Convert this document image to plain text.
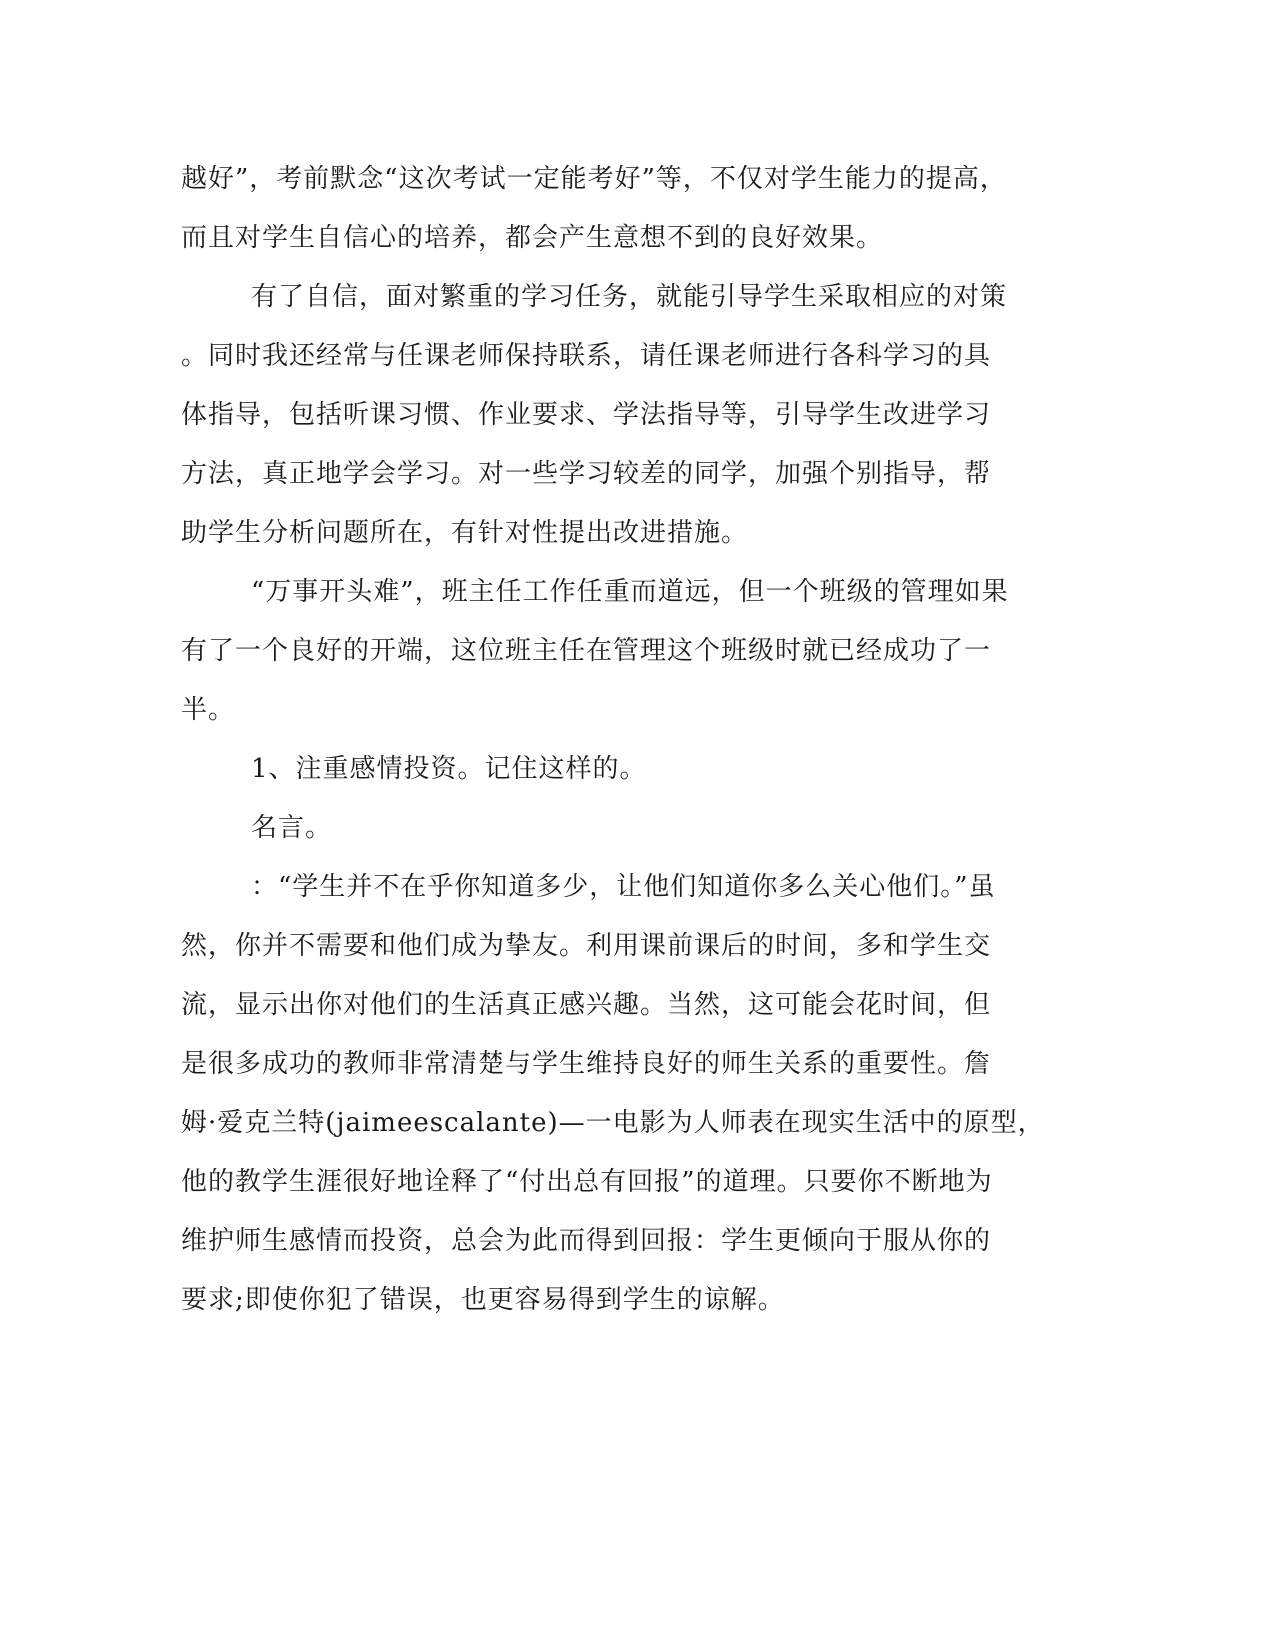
越好”，考前默念“这次考试一定能考好”等，不仅对学生能力的提高，
而且对学生自信心的培养，都会产生意想不到的良好效果。
有了自信，面对繁重的学习任务，就能引导学生采取相应的对策
。同时我还经常与任课老师保持联系，请任课老师进行各科学习的具
体指导，包括听课习惯、作业要求、学法指导等，引导学生改进学习
方法，真正地学会学习。对一些学习较差的同学，加强个别指导，帮
助学生分析问题所在，有针对性提出改进措施。
“万事开头难”，班主任工作任重而道远，但一个班级的管理如果
有了一个良好的开端，这位班主任在管理这个班级时就已经成功了一
半。
1、注重感情投资。记住这样的。
名言。
：“学生并不在乎你知道多少，让他们知道你多么关心他们。”虽
然，你并不需要和他们成为挚友。利用课前课后的时间，多和学生交
流，显示出你对他们的生活真正感兴趣。当然，这可能会花时间，但
是很多成功的教师非常清楚与学生维持良好的师生关系的重要性。詹
姆·爱克兰特(jaimeescalante)—一电影为人师表在现实生活中的原型，
他的教学生涯很好地诠释了“付出总有回报”的道理。只要你不断地为
维护师生感情而投资，总会为此而得到回报：学生更倾向于服从你的
要求;即使你犯了错误，也更容易得到学生的谅解。
